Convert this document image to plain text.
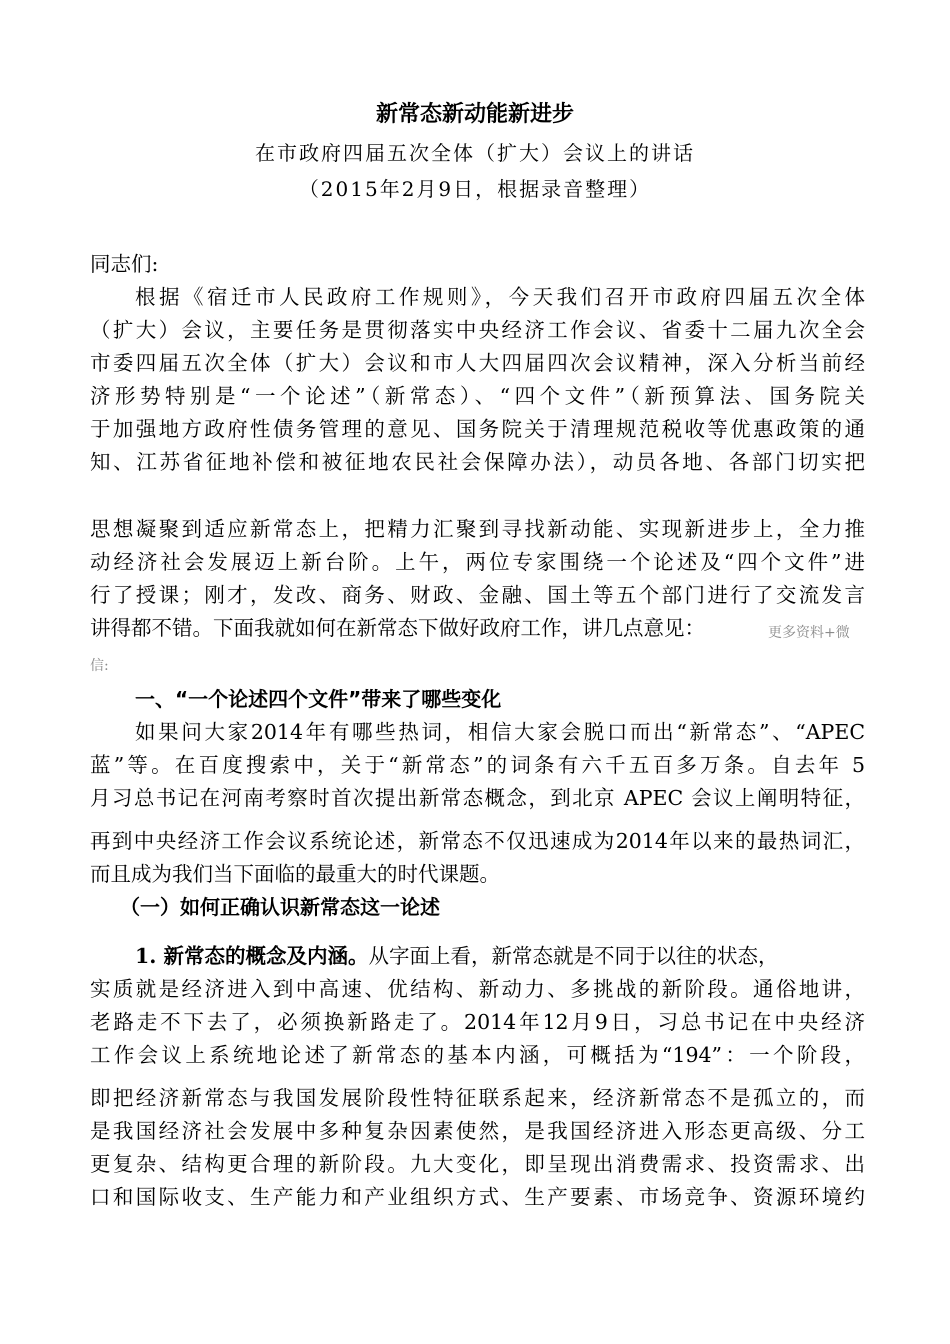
新常态新动能新进步
在市政府四届五次全体（扩大）会议上的讲话
（2015年2月9日，根据录音整理）
同志们:
根据《宿迁市人民政府工作规则》，今天我们召开市政府四届五次全体
（扩大）会议，主要任务是贯彻落实中央经济工作会议、省委十二届九次全会
市委四届五次全体（扩大）会议和市人大四届四次会议精神，深入分析当前经
济形势特别是“一个论述”（新常态）、“四个文件”（新预算法、国务院关
于加强地方政府性债务管理的意见、国务院关于清理规范税收等优惠政策的通
知、江苏省征地补偿和被征地农民社会保障办法），动员各地、各部门切实把
思想凝聚到适应新常态上，把精力汇聚到寻找新动能、实现新进步上，全力推
动经济社会发展迈上新台阶。上午，两位专家围绕一个论述及“四个文件”进
行了授课；刚才，发改、商务、财政、金融、国土等五个部门进行了交流发言
讲得都不错。下面我就如何在新常态下做好政府工作，讲几点意见：	更多资料+微
信:
一、“一个论述四个文件”带来了哪些变化
如果问大家2014年有哪些热词，相信大家会脱口而出“新常态”、“APEC
蓝”等。在百度搜索中，关于“新常态”的词条有六千五百多万条。自去年 5
月习总书记在河南考察时首次提出新常态概念，到北京 APEC 会议上阐明特征，
再到中央经济工作会议系统论述，新常态不仅迅速成为2014年以来的最热词汇，
而且成为我们当下面临的最重大的时代课题。
（一）如何正确认识新常态这一论述
1. 新常态的概念及内涵。从字面上看，新常态就是不同于以往的状态，
实质就是经济进入到中高速、优结构、新动力、多挑战的新阶段。通俗地讲，
老路走不下去了，必须换新路走了。2014年12月9日，习总书记在中央经济
工作会议上系统地论述了新常态的基本内涵，可概括为“194”：一个阶段，
即把经济新常态与我国发展阶段性特征联系起来，经济新常态不是孤立的，而
是我国经济社会发展中多种复杂因素使然，是我国经济进入形态更高级、分工
更复杂、结构更合理的新阶段。九大变化，即呈现出消费需求、投资需求、出
口和国际收支、生产能力和产业组织方式、生产要素、市场竞争、资源环境约
